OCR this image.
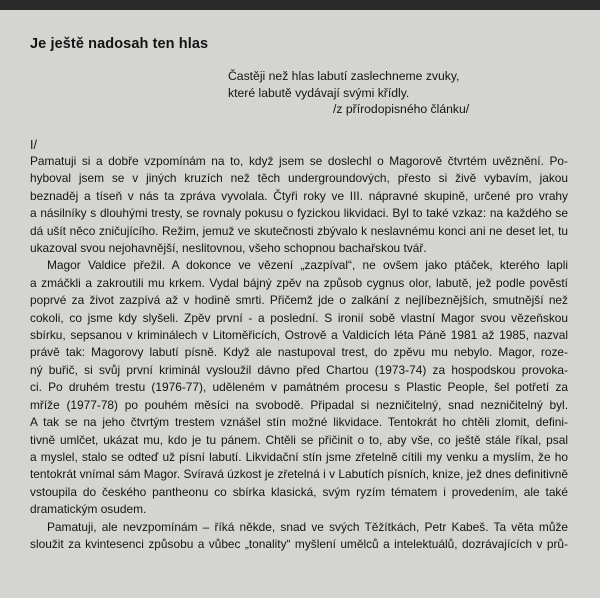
Je ještě nadosah ten hlas
Častěji než hlas labutí zaslechneme zvuky,
které labutě vydávají svými křídly.
/z přírodopisného článku/
I/
Pamatuji si a dobře vzpomínám na to, když jsem se doslechl o Magorově čtvrtém uvěznění. Po-
hyboval jsem se v jiných kruzích než těch undergroundových, přesto si živě vybavím, jakou
beznaděj a tíseň v nás ta zpráva vyvolala. Čtyři roky ve III. nápravné skupině, určené pro vrahy
a násilníky s dlouhými tresty, se rovnaly pokusu o fyzickou likvidaci. Byl to také vzkaz: na každého se
dá ušít něco zničujícího. Režim, jemuž ve skutečnosti zbývalo k neslavnému konci ani ne deset let, tu
ukazoval svou nejohavnější, neslitovnou, všeho schopnou bachařskou tvář.
Magor Valdice přežil. A dokonce ve vězení „zazpíval“, ne ovšem jako ptáček, kterého lapli
a zmáčkli a zakroutili mu krkem. Vydal bájný zpěv na způsob cygnus olor, labutě, jež podle pověstí
poprvé za život zazpívá až v hodině smrti. Přičemž jde o zalkání z nejlíbeznějších, smutnější než
cokoli, co jsme kdy slyšeli. Zpěv první - a poslední. S ironií sobě vlastní Magor svou vězeňskou
sbírku, sepsanou v kriminálech v Litoměřicích, Ostrově a Valdicích léta Páně 1981 až 1985, nazval
právě tak: Magorovy labutí písně. Když ale nastupoval trest, do zpěvu mu nebylo. Magor, roze-
ný buřič, si svůj první kriminál vysloužil dávno před Chartou (1973-74) za hospodskou provoka-
ci. Po druhém trestu (1976-77), uděleném v památném procesu s Plastic People, šel potřetí za
mříže (1977-78) po pouhém měsíci na svobodě. Připadal si nezničitelný, snad nezničitelný byl.
A tak se na jeho čtvrtým trestem vznášel stín možné likvidace. Tentokrát ho chtěli zlomit, defini-
tivně umlčet, ukázat mu, kdo je tu pánem. Chtěli se přičinit o to, aby vše, co ještě stále říkal, psal
a myslel, stalo se odteď už písní labutí. Likvidační stín jsme zřetelně cítili my venku a myslím, že ho
tentokrát vnímal sám Magor. Svíravá úzkost je zřetelná i v Labutích písních, knize, jež dnes definitivně
vstoupila do českého pantheonu co sbírka klasická, svým ryzím tématem i provedením, ale také
dramatickým osudem.
Pamatuji, ale nevzpomínám – říká někde, snad ve svých Těžítkách, Petr Kabeš. Ta věta může
sloužit za kvintesenci způsobu a vůbec „tonality“ myšlení umělců a intelektuálů, dozrávajících v prů-
